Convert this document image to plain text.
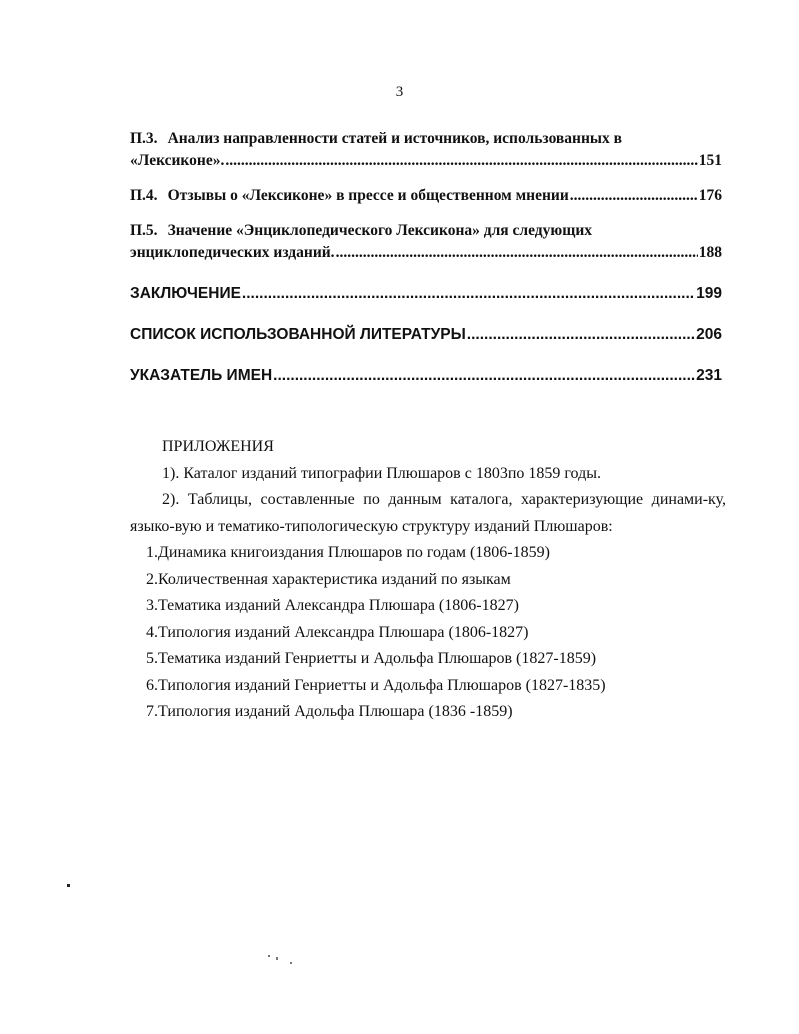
3
П.3. Анализ направленности статей и источников, использованных в
«Лексиконе». .....	151
П.4. Отзывы о «Лексиконе» в прессе и общественном мнении .....	176
П.5. Значение «Энциклопедического Лексикона» для следующих
энциклопедических изданий. .....	188
ЗАКЛЮЧЕНИЕ .....	199
СПИСОК ИСПОЛЬЗОВАННОЙ ЛИТЕРАТУРЫ .....	206
УКАЗАТЕЛЬ ИМЕН .....	231
ПРИЛОЖЕНИЯ
1). Каталог изданий типографии Плюшаров с 1803по 1859 годы.
2). Таблицы, составленные по данным каталога, характеризующие динами-ку, языко-вую и тематико-типологическую структуру изданий Плюшаров:
1.Динамика книгоиздания Плюшаров по годам (1806-1859)
2.Количественная характеристика изданий по языкам
3.Тематика изданий Александра Плюшара (1806-1827)
4.Типология изданий Александра Плюшара (1806-1827)
5.Тематика изданий Генриетты и Адольфа Плюшаров (1827-1859)
6.Типология изданий Генриетты и Адольфа Плюшаров (1827-1835)
7.Типология изданий Адольфа Плюшара (1836 -1859)
